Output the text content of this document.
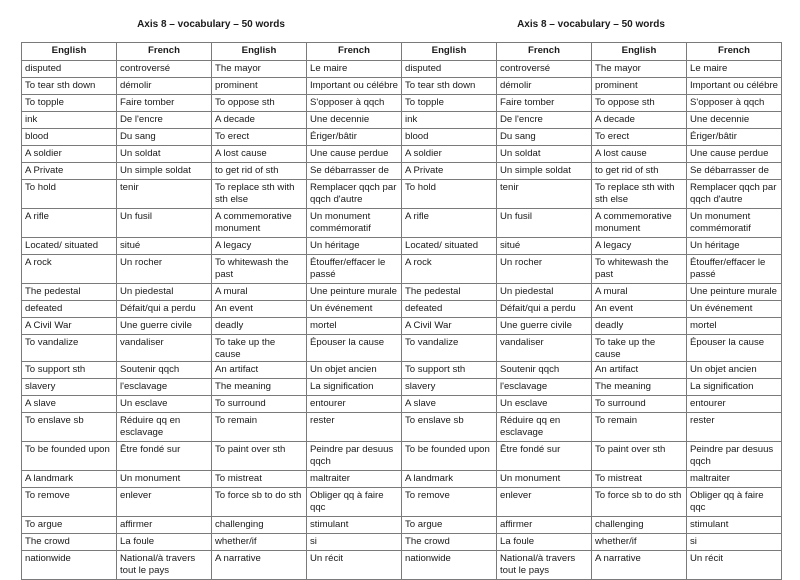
Axis 8 – vocabulary – 50 words	Axis 8 – vocabulary – 50 words
English	French	English	French	English	French	English	French
disputed	controversé	The mayor	Le maire	disputed	controversé	The mayor	Le maire
To tear sth down	démolir	prominent	Important ou célébre	To tear sth down	démolir	prominent	Important ou célébre
To topple	Faire tomber	To oppose sth	S'opposer à qqch	To topple	Faire tomber	To oppose sth	S'opposer à qqch
ink	De l'encre	A decade	Une decennie	ink	De l'encre	A decade	Une decennie
blood	Du sang	To erect	Ériger/bâtir	blood	Du sang	To erect	Ériger/bâtir
A soldier	Un soldat	A lost cause	Une cause perdue	A soldier	Un soldat	A lost cause	Une cause perdue
A Private	Un simple soldat	to get rid of sth	Se débarrasser de	A Private	Un simple soldat	to get rid of sth	Se débarrasser de
To hold	tenir	To replace sth with sth else	Remplacer qqch par qqch d'autre	To hold	tenir	To replace sth with sth else	Remplacer qqch par qqch d'autre
A rifle	Un fusil	A commemorative monument	Un monument commémoratif	A rifle	Un fusil	A commemorative monument	Un monument commémoratif
Located/ situated	situé	A legacy	Un héritage	Located/ situated	situé	A legacy	Un héritage
A rock	Un rocher	To whitewash the past	Étouffer/effacer le passé	A rock	Un rocher	To whitewash the past	Étouffer/effacer le passé
The pedestal	Un piedestal	A mural	Une peinture murale	The pedestal	Un piedestal	A mural	Une peinture murale
defeated	Défait/qui a perdu	An event	Un événement	defeated	Défait/qui a perdu	An event	Un événement
A Civil War	Une guerre civile	deadly	mortel	A Civil War	Une guerre civile	deadly	mortel
To vandalize	vandaliser	To take up the cause	Épouser la cause	To vandalize	vandaliser	To take up the cause	Épouser la cause
To support sth	Soutenir qqch	An artifact	Un objet ancien	To support sth	Soutenir qqch	An artifact	Un objet ancien
slavery	l'esclavage	The meaning	La signification	slavery	l'esclavage	The meaning	La signification
A slave	Un esclave	To surround	entourer	A slave	Un esclave	To surround	entourer
To enslave sb	Réduire qq en esclavage	To remain	rester	To enslave sb	Réduire qq en esclavage	To remain	rester
To be founded upon	Être fondé sur	To paint over sth	Peindre par desuus qqch	To be founded upon	Être fondé sur	To paint over sth	Peindre par desuus qqch
A landmark	Un monument	To mistreat	maltraiter	A landmark	Un monument	To mistreat	maltraiter
To remove	enlever	To force sb to do sth	Obliger qq à faire qqc	To remove	enlever	To force sb to do sth	Obliger qq à faire qqc
To argue	affirmer	challenging	stimulant	To argue	affirmer	challenging	stimulant
The crowd	La foule	whether/if	si	The crowd	La foule	whether/if	si
nationwide	National/à travers tout le pays	A narrative	Un récit	nationwide	National/à travers tout le pays	A narrative	Un récit
